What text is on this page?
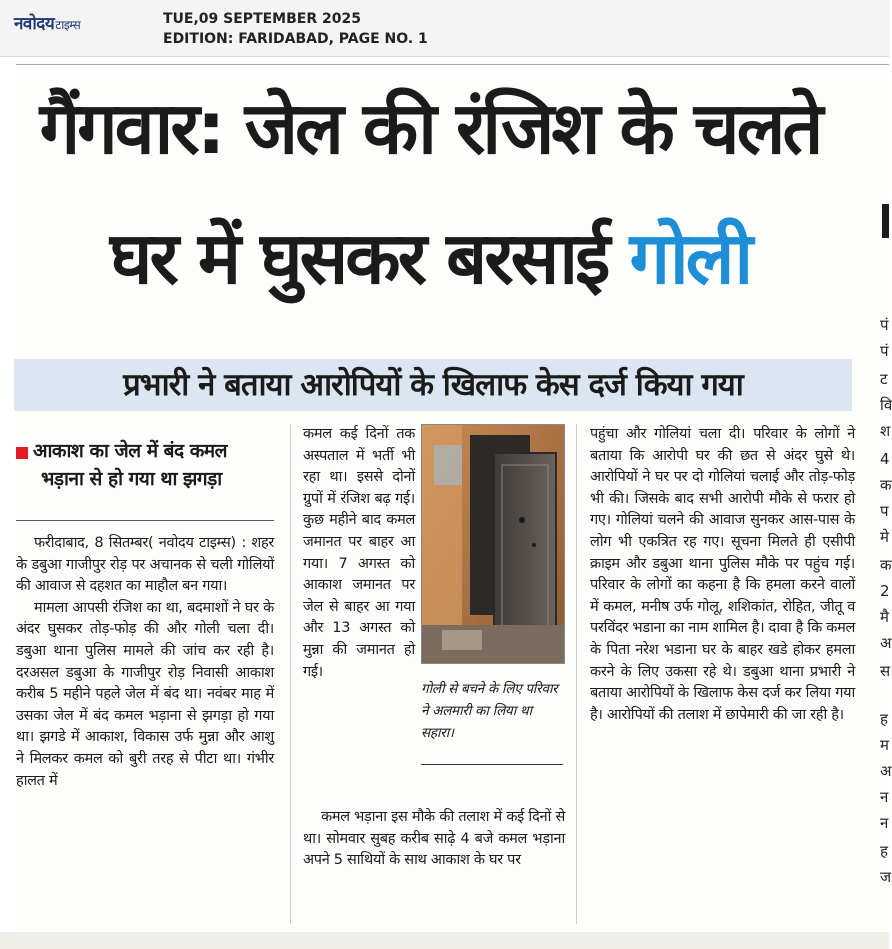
नवोदयटाइम्स	TUE,09 SEPTEMBER 2025
EDITION: FARIDABAD, PAGE NO. 1
गैंगवार: जेल की रंजिश के चलते
घर में घुसकर बरसाई गोली
प्रभारी ने बताया आरोपियों के खिलाफ केस दर्ज किया गया
आकाश का जेल में बंद कमल
भड़ाना से हो गया था झगड़ा

फरीदाबाद, 8 सितम्बर( नवोदय टाइम्स) : शहर के डबुआ गाजीपुर रोड़ पर अचानक से चली गोलियों की आवाज से दहशत का माहौल बन गया।

मामला आपसी रंजिश का था, बदमाशों ने घर के अंदर घुसकर तोड़-फोड़ की और गोली चला दी। डबुआ थाना पुलिस मामले की जांच कर रही है।दरअसल डबुआ के गाजीपुर रोड़ निवासी आकाश करीब 5 महीने पहले जेल में बंद था। नवंबर माह में उसका जेल में बंद कमल भड़ाना से झगड़ा हो गया था। झगडे में आकाश, विकास उर्फ मुन्ना और आशु ने मिलकर कमल को बुरी तरह से पीटा था। गंभीर हालत में

कमल कई दिनों तक अस्पताल में भर्ती भी रहा था। इससे दोनों ग्रुपों में रंजिश बढ़ गई। कुछ महीने बाद कमल जमानत पर बाहर आ गया। 7 अगस्त को आकाश जमानत पर जेल से बाहर आ गया और 13 अगस्त को मुन्ना की जमानत हो गई।

गोली से बचने के लिए परिवार ने अलमारी का लिया था सहारा।

कमल भड़ाना इस मौके की तलाश में कई दिनों से था। सोमवार सुबह करीब साढ़े 4 बजे कमल भड़ाना अपने 5 साथियों के साथ आकाश के घर पर

पहुंचा और गोलियां चला दी। परिवार के लोगों ने बताया कि आरोपी घर की छत से अंदर घुसे थे। आरोपियों ने घर पर दो गोलियां चलाई और तोड़-फोड़ भी की। जिसके बाद सभी आरोपी मौके से फरार हो गए। गोलियां चलने की आवाज सुनकर आस-पास के लोग भी एकत्रित रह गए। सूचना मिलते ही एसीपी क्राइम और डबुआ थाना पुलिस मौके पर पहुंच गई। परिवार के लोगों का कहना है कि हमला करने वालों में कमल, मनीष उर्फ गोलू, शशिकांत, रोहित, जीतू व परविंदर भडाना का नाम शामिल है। दावा है कि कमल के पिता नरेश भडाना घर के बाहर खडे होकर हमला करने के लिए उकसा रहे थे। डबुआ थाना प्रभारी ने बताया आरोपियों के खिलाफ केस दर्ज कर लिया गया है। आरोपियों की तलाश में छापेमारी की जा रही है।

पं
पं
ट
वि
श
4
क
प
मे
क
2
मै
अ
स
ह
म
अ
न
न
ह
ज
